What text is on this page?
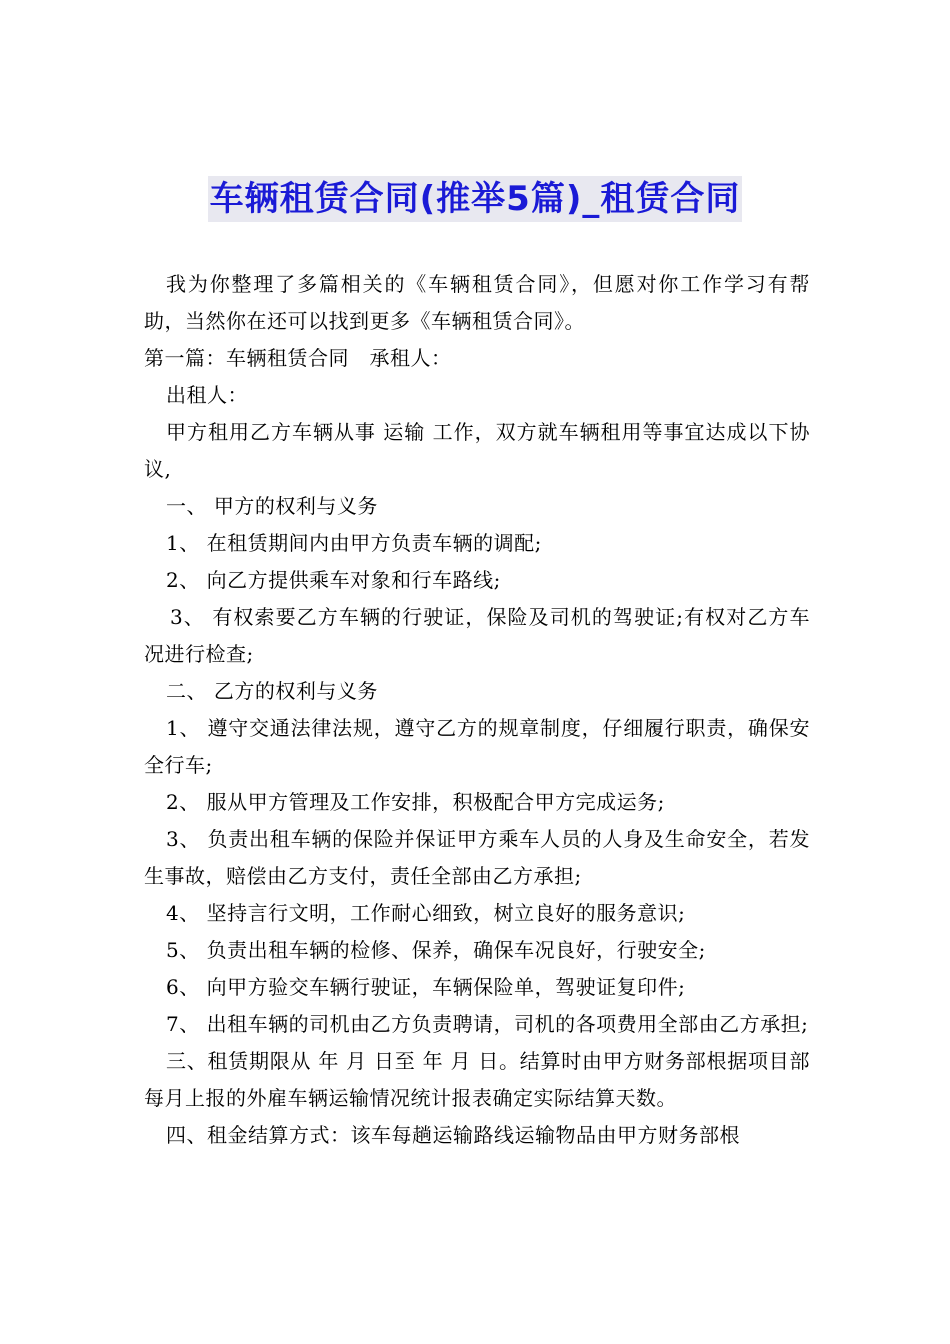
车辆租赁合同(推举5篇)_租赁合同

我为你整理了多篇相关的《车辆租赁合同》，但愿对你工作学习有帮助，当然你在还可以找到更多《车辆租赁合同》。

第一篇：车辆租赁合同　承租人：

出租人：

甲方租用乙方车辆从事 运输 工作，双方就车辆租用等事宜达成以下协议,

一、 甲方的权利与义务

1、 在租赁期间内由甲方负责车辆的调配;

2、 向乙方提供乘车对象和行车路线;

3、 有权索要乙方车辆的行驶证，保险及司机的驾驶证;有权对乙方车况进行检查;

二、 乙方的权利与义务

1、 遵守交通法律法规，遵守乙方的规章制度，仔细履行职责，确保安全行车;

2、 服从甲方管理及工作安排，积极配合甲方完成运务;

3、 负责出租车辆的保险并保证甲方乘车人员的人身及生命安全，若发生事故，赔偿由乙方支付，责任全部由乙方承担;

4、 坚持言行文明，工作耐心细致，树立良好的服务意识;

5、 负责出租车辆的检修、保养，确保车况良好，行驶安全;

6、 向甲方验交车辆行驶证，车辆保险单，驾驶证复印件;

7、 出租车辆的司机由乙方负责聘请，司机的各项费用全部由乙方承担;

三、租赁期限从 年 月 日至 年 月 日。结算时由甲方财务部根据项目部每月上报的外雇车辆运输情况统计报表确定实际结算天数。

四、租金结算方式：该车每趟运输路线运输物品由甲方财务部根
